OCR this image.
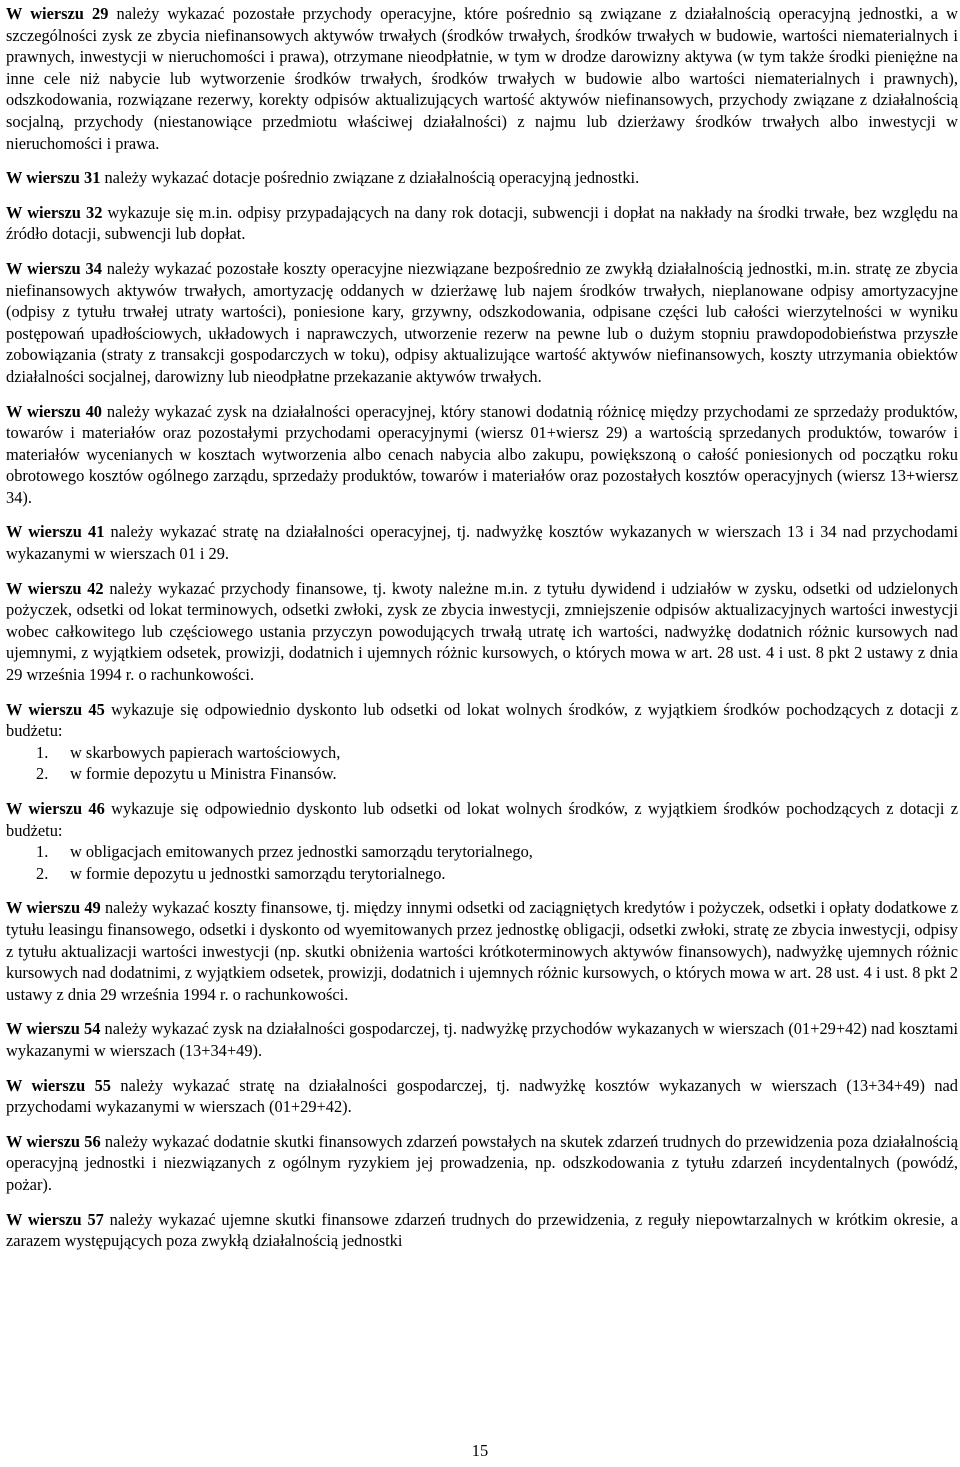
W wierszu 29 należy wykazać pozostałe przychody operacyjne, które pośrednio są związane z działalnością operacyjną jednostki, a w szczególności zysk ze zbycia niefinansowych aktywów trwałych (środków trwałych, środków trwałych w budowie, wartości niematerialnych i prawnych, inwestycji w nieruchomości i prawa), otrzymane nieodpłatnie, w tym w drodze darowizny aktywa (w tym także środki pieniężne na inne cele niż nabycie lub wytworzenie środków trwałych, środków trwałych w budowie albo wartości niematerialnych i prawnych), odszkodowania, rozwiązane rezerwy, korekty odpisów aktualizujących wartość aktywów niefinansowych, przychody związane z działalnością socjalną, przychody (niestanowiące przedmiotu właściwej działalności) z najmu lub dzierżawy środków trwałych albo inwestycji w nieruchomości i prawa.

W wierszu 31 należy wykazać dotacje pośrednio związane z działalnością operacyjną jednostki.

W wierszu 32 wykazuje się m.in. odpisy przypadających na dany rok dotacji, subwencji i dopłat na nakłady na środki trwałe, bez względu na źródło dotacji, subwencji lub dopłat.

W wierszu 34 należy wykazać pozostałe koszty operacyjne niezwiązane bezpośrednio ze zwykłą działalnością jednostki, m.in. stratę ze zbycia niefinansowych aktywów trwałych, amortyzację oddanych w dzierżawę lub najem środków trwałych, nieplanowane odpisy amortyzacyjne (odpisy z tytułu trwałej utraty wartości), poniesione kary, grzywny, odszkodowania, odpisane części lub całości wierzytelności w wyniku postępowań upadłościowych, układowych i naprawczych, utworzenie rezerw na pewne lub o dużym stopniu prawdopodobieństwa przyszłe zobowiązania (straty z transakcji gospodarczych w toku), odpisy aktualizujące wartość aktywów niefinansowych, koszty utrzymania obiektów działalności socjalnej, darowizny lub nieodpłatne przekazanie aktywów trwałych.

W wierszu 40 należy wykazać zysk na działalności operacyjnej, który stanowi dodatnią różnicę między przychodami ze sprzedaży produktów, towarów i materiałów oraz pozostałymi przychodami operacyjnymi (wiersz 01+wiersz 29) a wartością sprzedanych produktów, towarów i materiałów wycenianych w kosztach wytworzenia albo cenach nabycia albo zakupu, powiększoną o całość poniesionych od początku roku obrotowego kosztów ogólnego zarządu, sprzedaży produktów, towarów i materiałów oraz pozostałych kosztów operacyjnych (wiersz 13+wiersz 34).

W wierszu 41 należy wykazać stratę na działalności operacyjnej, tj. nadwyżkę kosztów wykazanych w wierszach 13 i 34 nad przychodami wykazanymi w wierszach 01 i 29.

W wierszu 42 należy wykazać przychody finansowe, tj. kwoty należne m.in. z tytułu dywidend i udziałów w zysku, odsetki od udzielonych pożyczek, odsetki od lokat terminowych, odsetki zwłoki, zysk ze zbycia inwestycji, zmniejszenie odpisów aktualizacyjnych wartości inwestycji wobec całkowitego lub częściowego ustania przyczyn powodujących trwałą utratę ich wartości, nadwyżkę dodatnich różnic kursowych nad ujemnymi, z wyjątkiem odsetek, prowizji, dodatnich i ujemnych różnic kursowych, o których mowa w art. 28 ust. 4 i ust. 8 pkt 2 ustawy z dnia 29 września 1994 r. o rachunkowości.

W wierszu 45 wykazuje się odpowiednio dyskonto lub odsetki od lokat wolnych środków, z wyjątkiem środków pochodzących z dotacji z budżetu:

1.	w skarbowych papierach wartościowych,
2.	w formie depozytu u Ministra Finansów.

W wierszu 46 wykazuje się odpowiednio dyskonto lub odsetki od lokat wolnych środków, z wyjątkiem środków pochodzących z dotacji z budżetu:

1.	w obligacjach emitowanych przez jednostki samorządu terytorialnego,
2.	w formie depozytu u jednostki samorządu terytorialnego.

W wierszu 49 należy wykazać koszty finansowe, tj. między innymi odsetki od zaciągniętych kredytów i pożyczek, odsetki i opłaty dodatkowe z tytułu leasingu finansowego, odsetki i dyskonto od wyemitowanych przez jednostkę obligacji, odsetki zwłoki, stratę ze zbycia inwestycji, odpisy z tytułu aktualizacji wartości inwestycji (np. skutki obniżenia wartości krótkoterminowych aktywów finansowych), nadwyżkę ujemnych różnic kursowych nad dodatnimi, z wyjątkiem odsetek, prowizji, dodatnich i ujemnych różnic kursowych, o których mowa w art. 28 ust. 4 i ust. 8 pkt 2 ustawy z dnia 29 września 1994 r. o rachunkowości.

W wierszu 54 należy wykazać zysk na działalności gospodarczej, tj. nadwyżkę przychodów wykazanych w wierszach (01+29+42) nad kosztami wykazanymi w wierszach (13+34+49).

W wierszu 55 należy wykazać stratę na działalności gospodarczej, tj. nadwyżkę kosztów wykazanych w wierszach (13+34+49) nad przychodami wykazanymi w wierszach (01+29+42).

W wierszu 56 należy wykazać dodatnie skutki finansowych zdarzeń powstałych na skutek zdarzeń trudnych do przewidzenia poza działalnością operacyjną jednostki i niezwiązanych z ogólnym ryzykiem jej prowadzenia, np. odszkodowania z tytułu zdarzeń incydentalnych (powódź, pożar).

W wierszu 57 należy wykazać ujemne skutki finansowe zdarzeń trudnych do przewidzenia, z reguły niepowtarzalnych w krótkim okresie, a zarazem występujących poza zwykłą działalnością jednostki

15
